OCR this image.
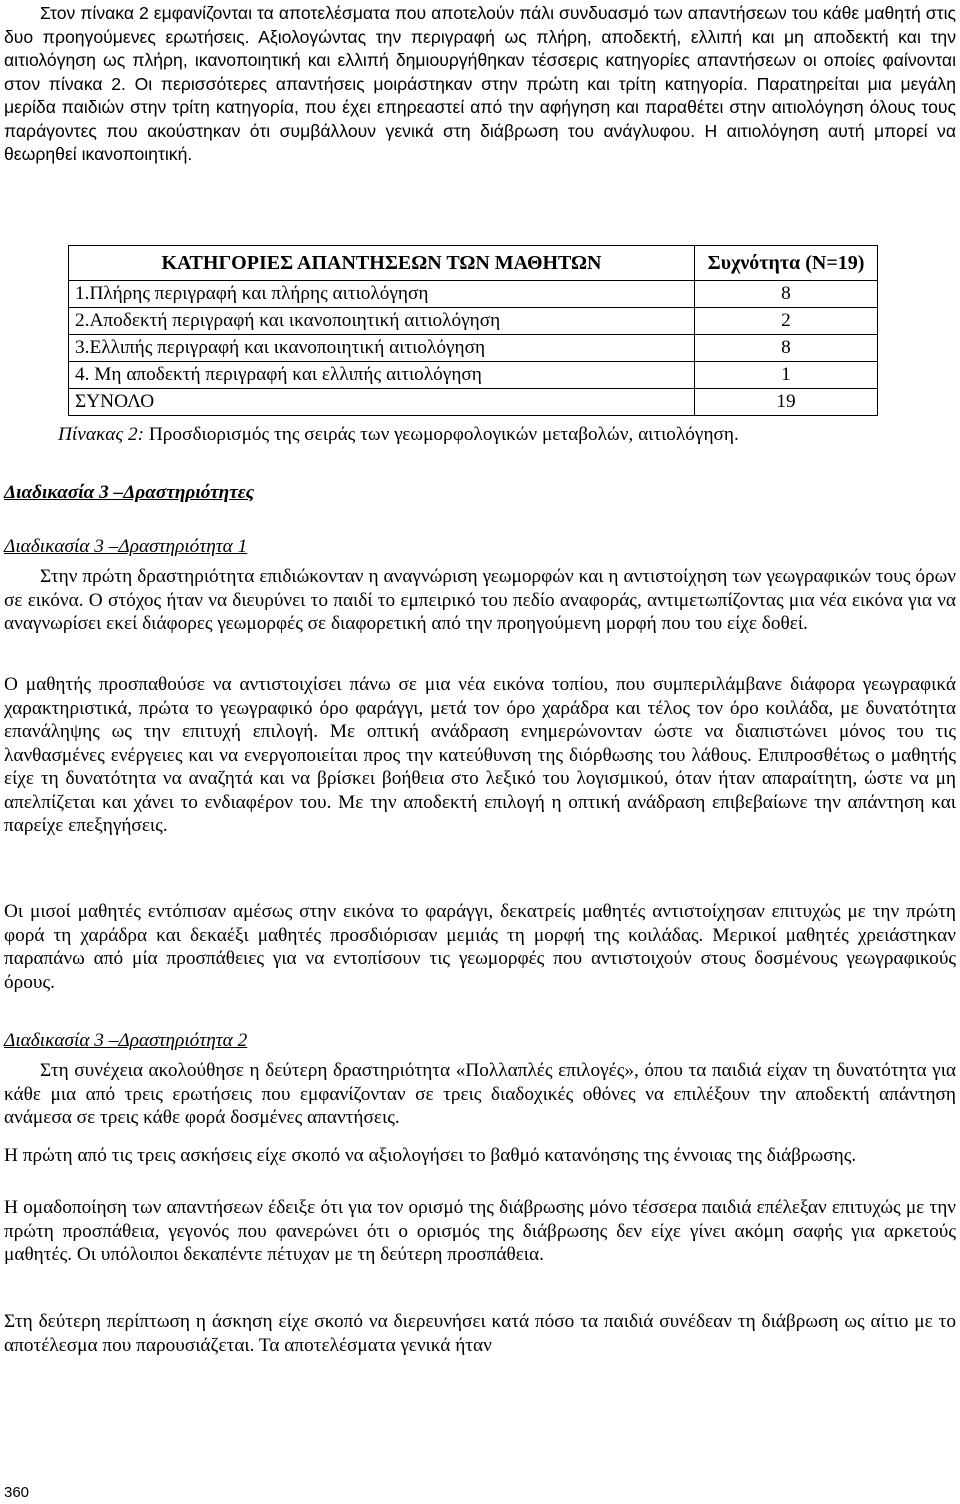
Στον πίνακα 2 εμφανίζονται τα αποτελέσματα που αποτελούν πάλι συνδυασμό των απαντήσεων του κάθε μαθητή στις δυο προηγούμενες ερωτήσεις. Αξιολογώντας την περιγραφή ως πλήρη, αποδεκτή, ελλιπή και μη αποδεκτή και την αιτιολόγηση ως πλήρη, ικανοποιητική και ελλιπή δημιουργήθηκαν τέσσερις κατηγορίες απαντήσεων οι οποίες φαίνονται στον πίνακα 2. Οι περισσότερες απαντήσεις μοιράστηκαν στην πρώτη και τρίτη κατηγορία. Παρατηρείται μια μεγάλη μερίδα παιδιών στην τρίτη κατηγορία, που έχει επηρεαστεί από την αφήγηση και παραθέτει στην αιτιολόγηση όλους τους παράγοντες που ακούστηκαν ότι συμβάλλουν γενικά στη διάβρωση του ανάγλυφου. Η αιτιολόγηση αυτή μπορεί να θεωρηθεί ικανοποιητική.

ΚΑΤΗΓΟΡΙΕΣ ΑΠΑΝΤΗΣΕΩΝ ΤΩΝ ΜΑΘΗΤΩΝ	Συχνότητα (Ν=19)
1.Πλήρης περιγραφή και πλήρης αιτιολόγηση	8
2.Αποδεκτή περιγραφή και ικανοποιητική αιτιολόγηση	2
3.Ελλιπής περιγραφή και ικανοποιητική αιτιολόγηση	8
4. Μη αποδεκτή περιγραφή και ελλιπής αιτιολόγηση	1
ΣΥΝΟΛΟ	19
Πίνακας 2: Προσδιορισμός της σειράς των γεωμορφολογικών μεταβολών, αιτιολόγηση.

Διαδικασία 3 –Δραστηριότητες

Διαδικασία 3 –Δραστηριότητα 1

Στην πρώτη δραστηριότητα επιδιώκονταν η αναγνώριση γεωμορφών και η αντιστοίχηση των γεωγραφικών τους όρων σε εικόνα. Ο στόχος ήταν να διευρύνει το παιδί το εμπειρικό του πεδίο αναφοράς, αντιμετωπίζοντας μια νέα εικόνα για να αναγνωρίσει εκεί διάφορες γεωμορφές σε διαφορετική από την προηγούμενη μορφή που του είχε δοθεί.

Ο μαθητής προσπαθούσε να αντιστοιχίσει πάνω σε μια νέα εικόνα τοπίου, που συμπεριλάμβανε διάφορα γεωγραφικά χαρακτηριστικά, πρώτα το γεωγραφικό όρο φαράγγι, μετά τον όρο χαράδρα και τέλος τον όρο κοιλάδα, με δυνατότητα επανάληψης ως την επιτυχή επιλογή. Με οπτική ανάδραση ενημερώνονταν ώστε να διαπιστώνει μόνος του τις λανθασμένες ενέργειες και να ενεργοποιείται προς την κατεύθυνση της διόρθωσης του λάθους. Επιπροσθέτως ο μαθητής είχε τη δυνατότητα να αναζητά και να βρίσκει βοήθεια στο λεξικό του λογισμικού, όταν ήταν απαραίτητη, ώστε να μη απελπίζεται και χάνει το ενδιαφέρον του. Με την αποδεκτή επιλογή η οπτική ανάδραση επιβεβαίωνε την απάντηση και παρείχε επεξηγήσεις.

Οι μισοί μαθητές εντόπισαν αμέσως στην εικόνα το φαράγγι, δεκατρείς μαθητές αντιστοίχησαν επιτυχώς με την πρώτη φορά τη χαράδρα και δεκαέξι μαθητές προσδιόρισαν μεμιάς τη μορφή της κοιλάδας. Μερικοί μαθητές χρειάστηκαν παραπάνω από μία προσπάθειες για να εντοπίσουν τις γεωμορφές που αντιστοιχούν στους δοσμένους γεωγραφικούς όρους.

Διαδικασία 3 –Δραστηριότητα 2

Στη συνέχεια ακολούθησε η δεύτερη δραστηριότητα «Πολλαπλές επιλογές», όπου τα παιδιά είχαν τη δυνατότητα για κάθε μια από τρεις ερωτήσεις που εμφανίζονταν σε τρεις διαδοχικές οθόνες να επιλέξουν την αποδεκτή απάντηση ανάμεσα σε τρεις κάθε φορά δοσμένες απαντήσεις.

Η πρώτη από τις τρεις ασκήσεις είχε σκοπό να αξιολογήσει το βαθμό κατανόησης της έννοιας της διάβρωσης.

Η ομαδοποίηση των απαντήσεων έδειξε ότι για τον ορισμό της διάβρωσης μόνο τέσσερα παιδιά επέλεξαν επιτυχώς με την πρώτη προσπάθεια, γεγονός που φανερώνει ότι ο ορισμός της διάβρωσης δεν είχε γίνει ακόμη σαφής για αρκετούς μαθητές. Οι υπόλοιποι δεκαπέντε πέτυχαν με τη δεύτερη προσπάθεια.

Στη δεύτερη περίπτωση η άσκηση είχε σκοπό να διερευνήσει κατά πόσο τα παιδιά συνέδεαν τη διάβρωση ως αίτιο με το αποτέλεσμα που παρουσιάζεται. Τα αποτελέσματα γενικά ήταν

360
